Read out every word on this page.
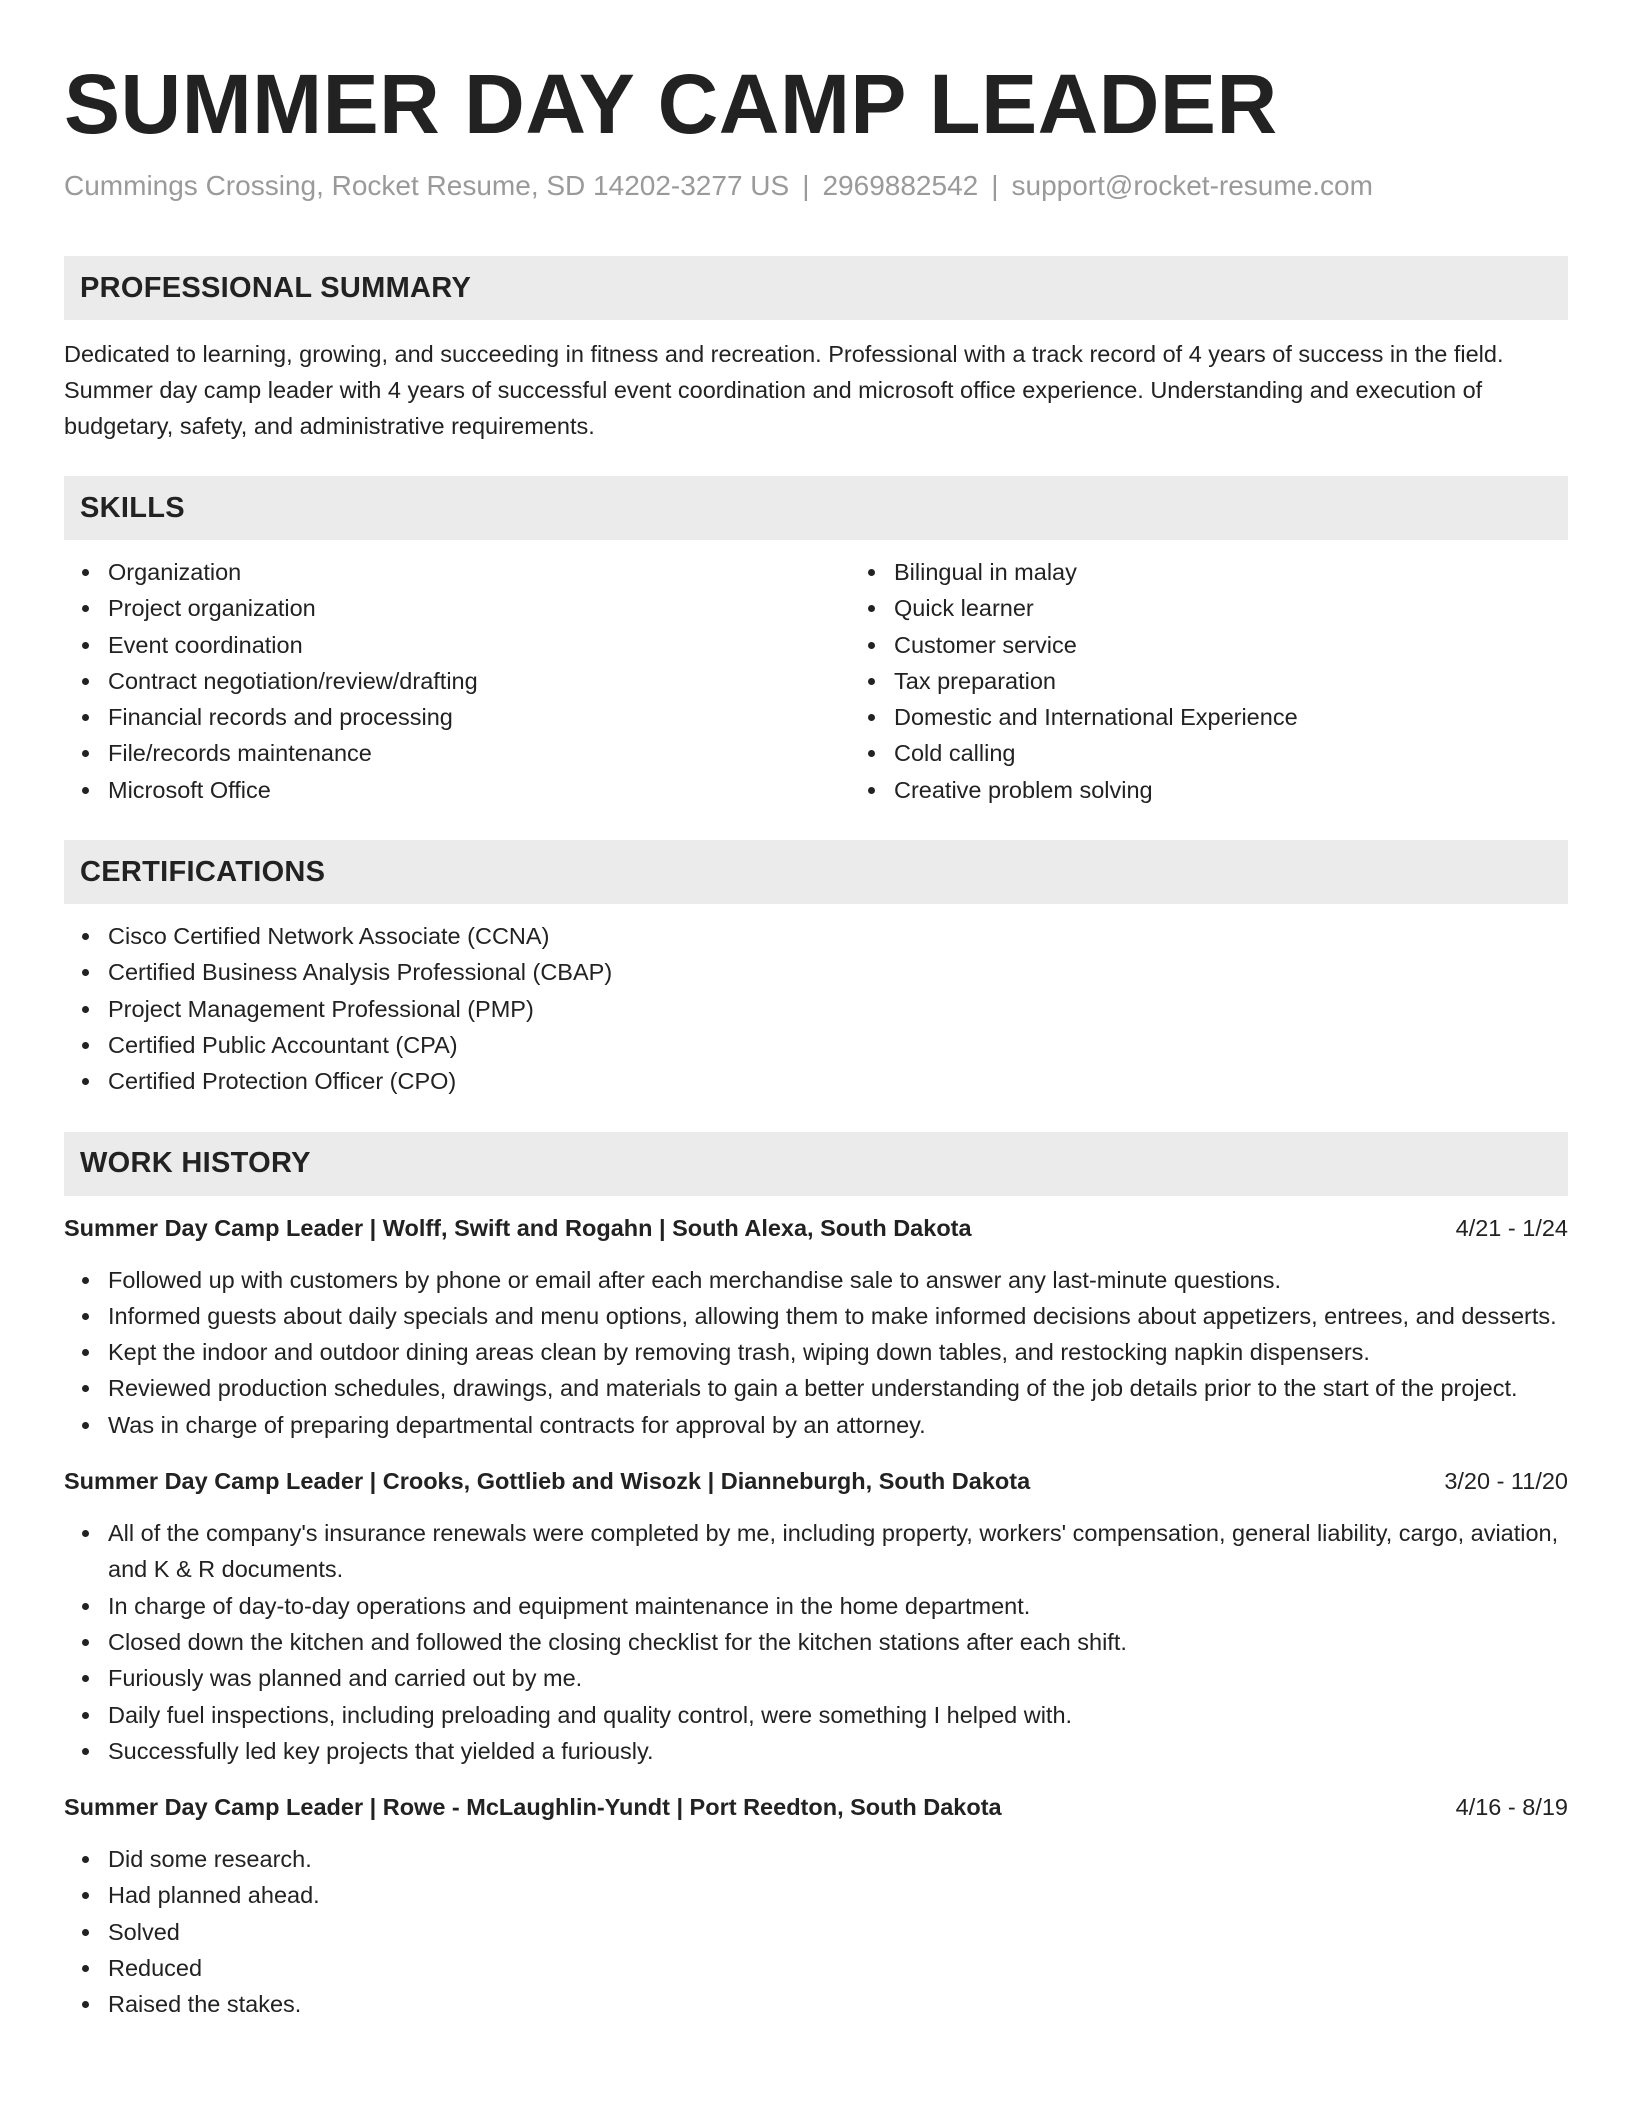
SUMMER DAY CAMP LEADER
Cummings Crossing, Rocket Resume, SD 14202-3277 US | 2969882542 | support@rocket-resume.com
PROFESSIONAL SUMMARY

Dedicated to learning, growing, and succeeding in fitness and recreation. Professional with a track record of 4 years of success in the field. Summer day camp leader with 4 years of successful event coordination and microsoft office experience. Understanding and execution of budgetary, safety, and administrative requirements.

SKILLS
Organization
Project organization
Event coordination
Contract negotiation/review/drafting
Financial records and processing
File/records maintenance
Microsoft Office
Bilingual in malay
Quick learner
Customer service
Tax preparation
Domestic and International Experience
Cold calling
Creative problem solving
CERTIFICATIONS
Cisco Certified Network Associate (CCNA)
Certified Business Analysis Professional (CBAP)
Project Management Professional (PMP)
Certified Public Accountant (CPA)
Certified Protection Officer (CPO)
WORK HISTORY
Summer Day Camp Leader | Wolff, Swift and Rogahn | South Alexa, South Dakota	4/21 - 1/24
Followed up with customers by phone or email after each merchandise sale to answer any last-minute questions.
Informed guests about daily specials and menu options, allowing them to make informed decisions about appetizers, entrees, and desserts.
Kept the indoor and outdoor dining areas clean by removing trash, wiping down tables, and restocking napkin dispensers.
Reviewed production schedules, drawings, and materials to gain a better understanding of the job details prior to the start of the project.
Was in charge of preparing departmental contracts for approval by an attorney.
Summer Day Camp Leader | Crooks, Gottlieb and Wisozk | Dianneburgh, South Dakota	3/20 - 11/20
All of the company's insurance renewals were completed by me, including property, workers' compensation, general liability, cargo, aviation, and K & R documents.
In charge of day-to-day operations and equipment maintenance in the home department.
Closed down the kitchen and followed the closing checklist for the kitchen stations after each shift.
Furiously was planned and carried out by me.
Daily fuel inspections, including preloading and quality control, were something I helped with.
Successfully led key projects that yielded a furiously.
Summer Day Camp Leader | Rowe - McLaughlin-Yundt | Port Reedton, South Dakota	4/16 - 8/19
Did some research.
Had planned ahead.
Solved
Reduced
Raised the stakes.
